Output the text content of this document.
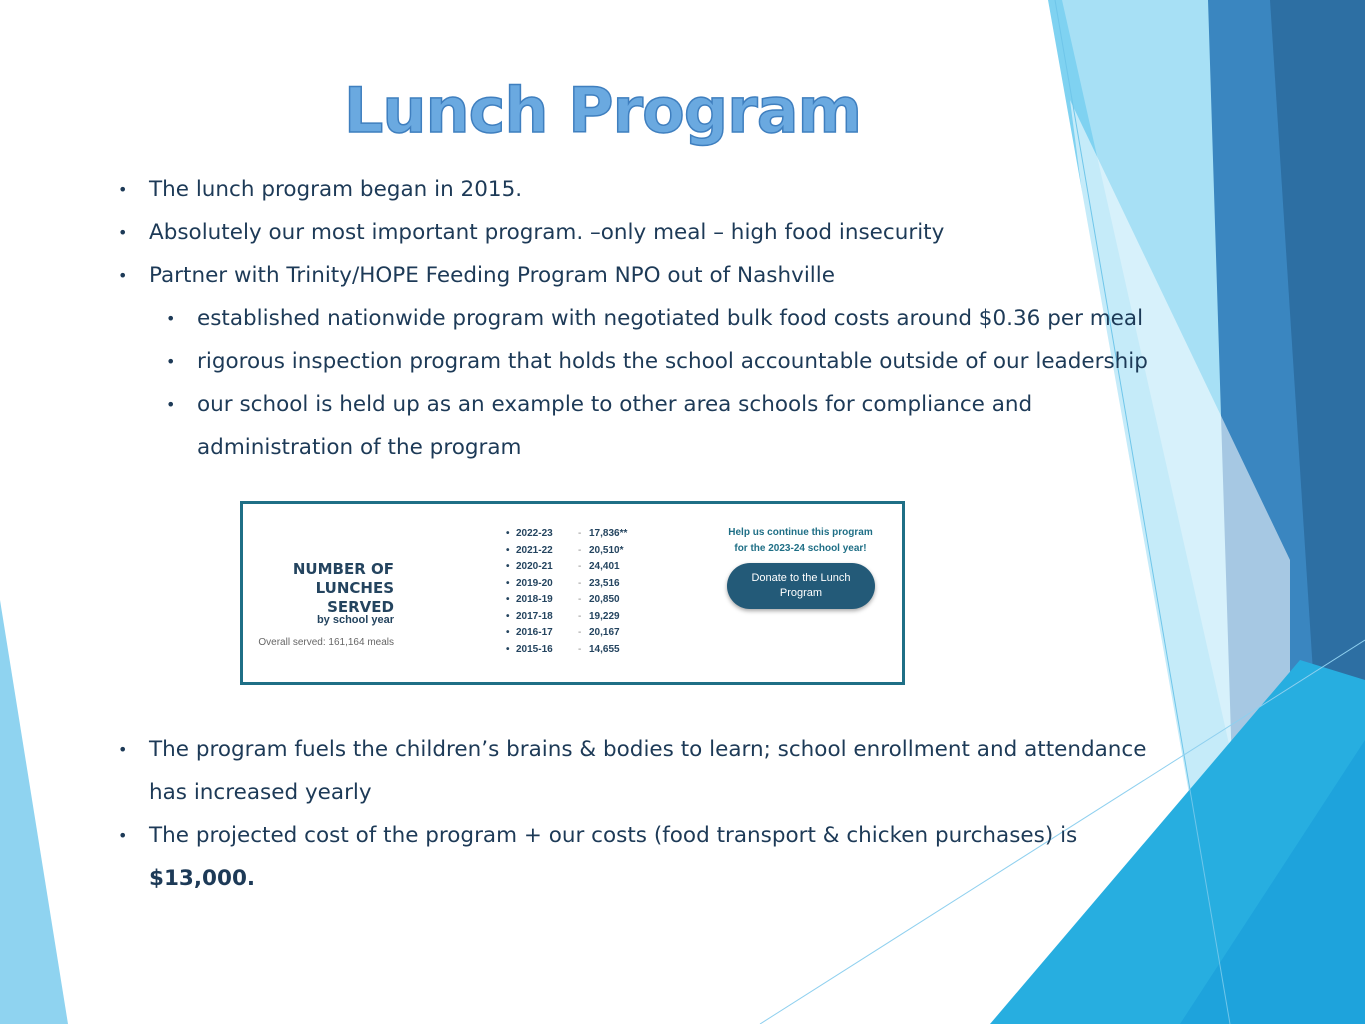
Lunch Program
• The lunch program began in 2015.
• Absolutely our most important program. –only meal – high food insecurity
• Partner with Trinity/HOPE Feeding Program NPO out of Nashville
• established nationwide program with negotiated bulk food costs around $0.36 per meal
• rigorous inspection program that holds the school accountable outside of our leadership
• our school is held up as an example to other area schools for compliance and
administration of the program
NUMBER OF
LUNCHES
SERVED
by school year
Overall served: 161,164 meals
• 2022-23	- 17,836**
• 2021-22	- 20,510*
• 2020-21	- 24,401
• 2019-20	- 23,516
• 2018-19	- 20,850
• 2017-18	- 19,229
• 2016-17	- 20,167
• 2015-16	- 14,655
Help us continue this program
for the 2023-24 school year!
Donate to the Lunch Program
• The program fuels the children’s brains & bodies to learn; school enrollment and attendance
has increased yearly
• The projected cost of the program + our costs (food transport & chicken purchases) is
$13,000.
